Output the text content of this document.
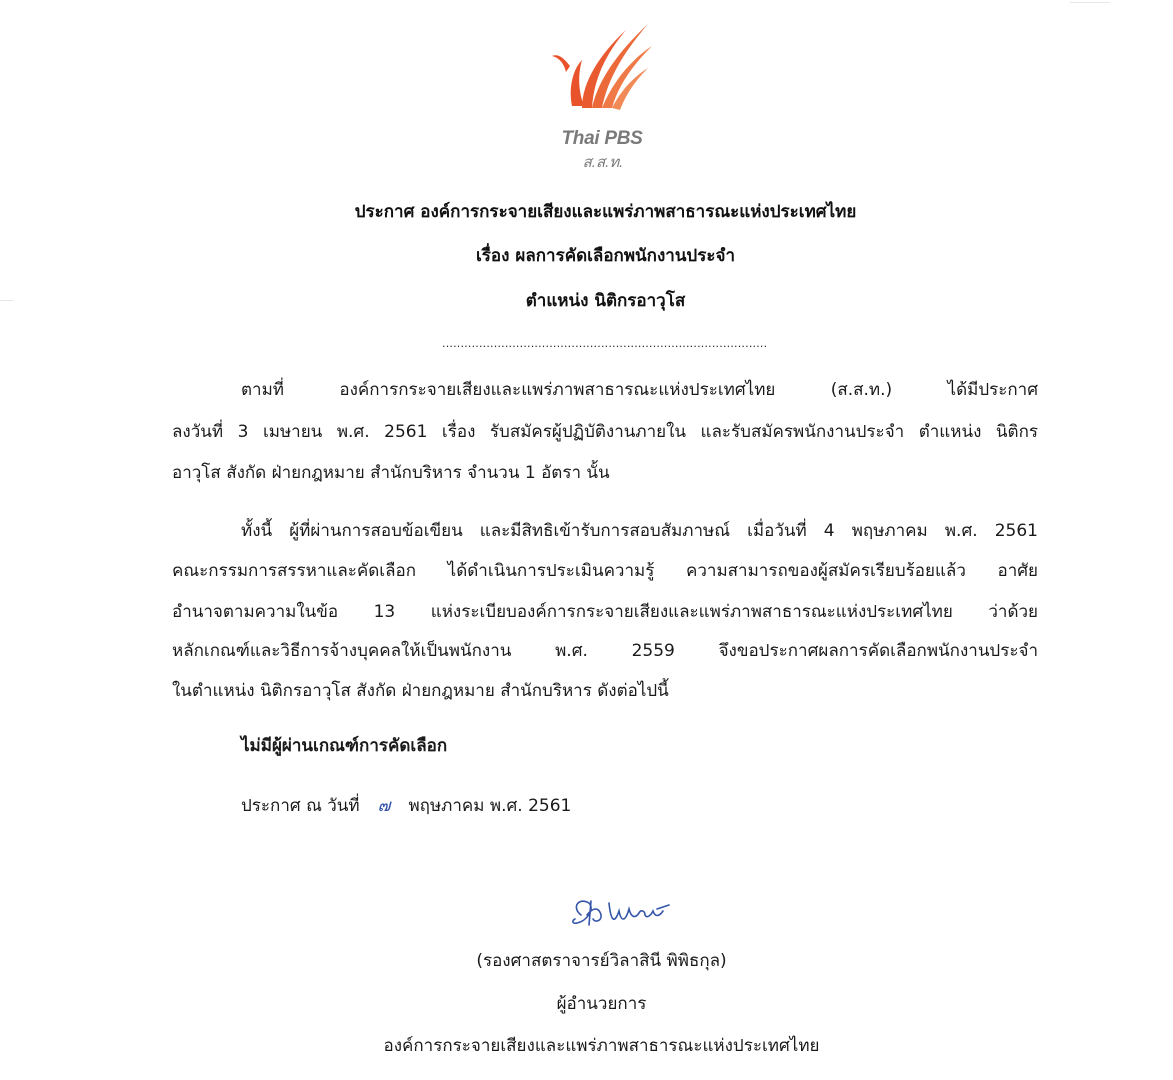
Thai PBS
ส.ส.ท.
ประกาศ องค์การกระจายเสียงและแพร่ภาพสาธารณะแห่งประเทศไทย
เรื่อง ผลการคัดเลือกพนักงานประจำ
ตำแหน่ง นิติกรอาวุโส
........................................................................................
ตามที่ องค์การกระจายเสียงและแพร่ภาพสาธารณะแห่งประเทศไทย (ส.ส.ท.) ได้มีประกาศ
ลงวันที่ 3 เมษายน พ.ศ. 2561 เรื่อง รับสมัครผู้ปฏิบัติงานภายใน และรับสมัครพนักงานประจำ ตำแหน่ง นิติกร
อาวุโส สังกัด ฝ่ายกฎหมาย สำนักบริหาร จำนวน 1 อัตรา นั้น
ทั้งนี้ ผู้ที่ผ่านการสอบข้อเขียน และมีสิทธิเข้ารับการสอบสัมภาษณ์ เมื่อวันที่ 4 พฤษภาคม พ.ศ. 2561
คณะกรรมการสรรหาและคัดเลือก ได้ดำเนินการประเมินความรู้ ความสามารถของผู้สมัครเรียบร้อยแล้ว อาศัย
อำนาจตามความในข้อ 13 แห่งระเบียบองค์การกระจายเสียงและแพร่ภาพสาธารณะแห่งประเทศไทย ว่าด้วย
หลักเกณฑ์และวิธีการจ้างบุคคลให้เป็นพนักงาน พ.ศ. 2559 จึงขอประกาศผลการคัดเลือกพนักงานประจำ
ในตำแหน่ง นิติกรอาวุโส สังกัด ฝ่ายกฎหมาย สำนักบริหาร ดังต่อไปนี้
ไม่มีผู้ผ่านเกณฑ์การคัดเลือก
ประกาศ ณ วันที่ ๗ พฤษภาคม พ.ศ. 2561
(รองศาสตราจารย์วิลาสินี พิพิธกุล)
ผู้อำนวยการ
องค์การกระจายเสียงและแพร่ภาพสาธารณะแห่งประเทศไทย
